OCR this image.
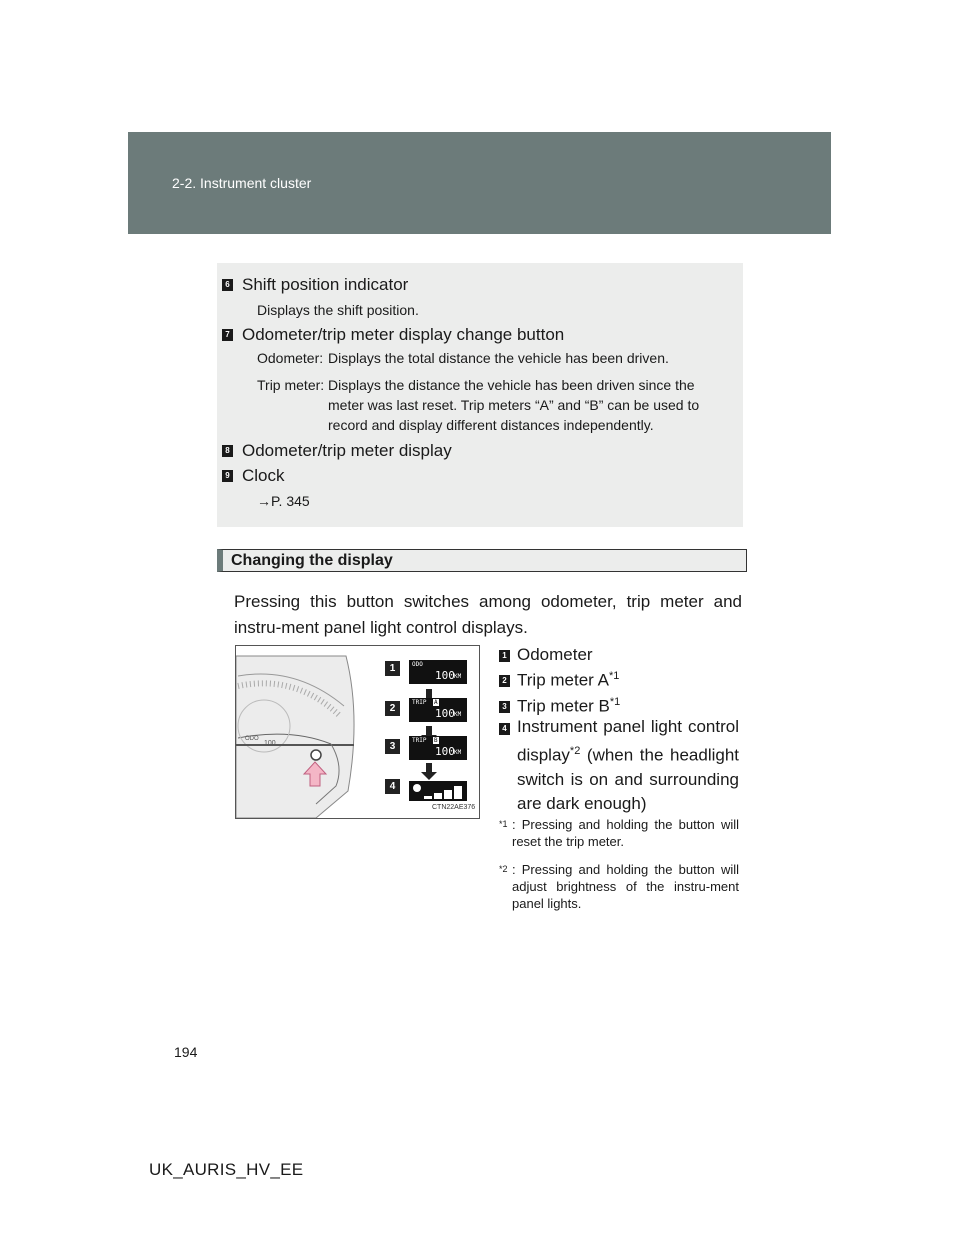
2-2. Instrument cluster
6 Shift position indicator
Displays the shift position.
7 Odometer/trip meter display change button
Odometer: Displays the total distance the vehicle has been driven.
Trip meter: Displays the distance the vehicle has been driven since the
meter was last reset. Trip meters “A” and “B” can be used to
record and display different distances independently.
8 Odometer/trip meter display
9 Clock
→P. 345
Changing the display
Pressing this button switches among odometer, trip meter and instru-ment panel light control displays.
ODO
100
1
2
3
4
ODO
100 KM
TRIP A
100 KM
TRIP B
100 KM
CTN22AE376
1 Odometer
2 Trip meter $A^{*1}$
3 Trip meter $B^{*1}$
4 Instrument panel light control display$^{*2}$ (when the headlight switch is on and surrounding are dark enough)
$^{*1}$ : Pressing and holding the button will reset the trip meter.
$^{*2}$ : Pressing and holding the button will adjust brightness of the instru-ment panel lights.
194
UK_AURIS_HV_EE
